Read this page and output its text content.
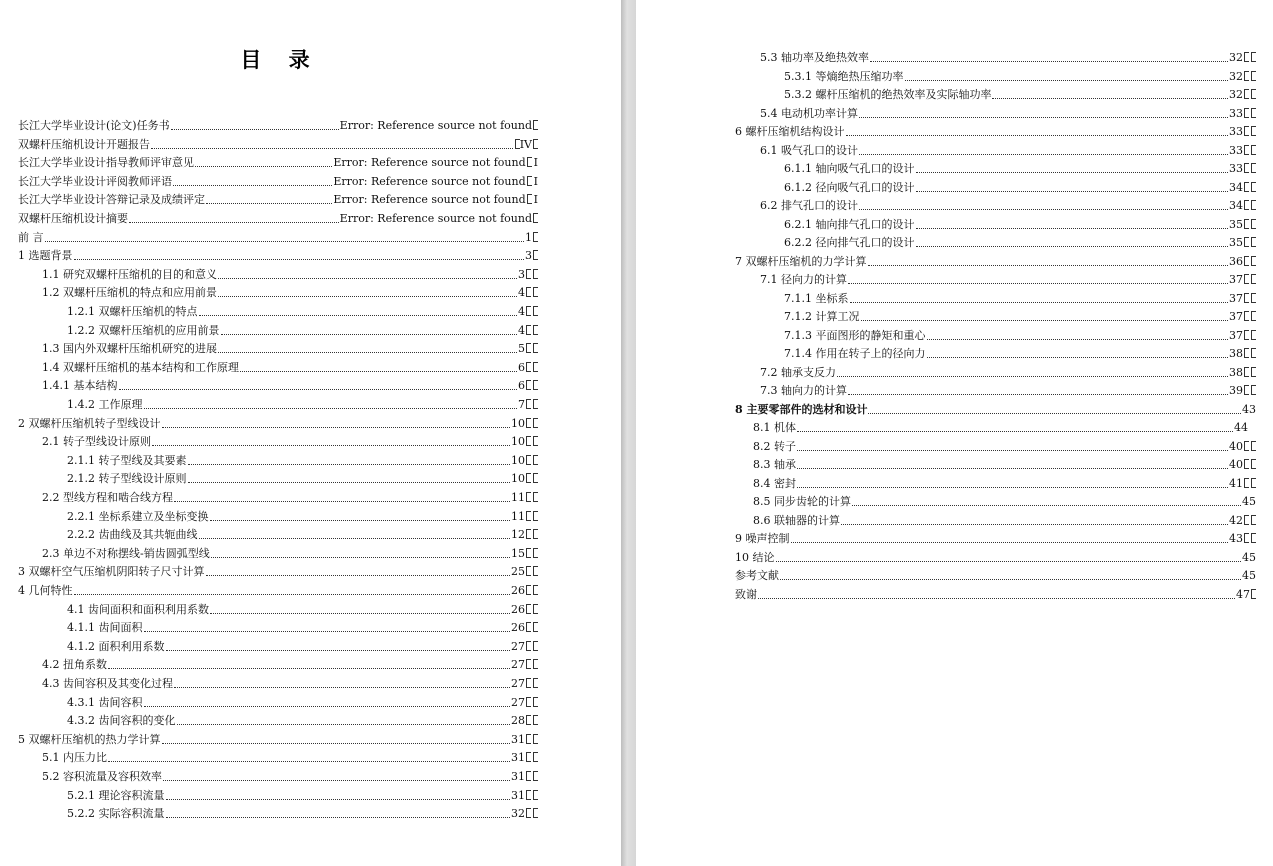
目 录
长江大学毕业设计(论文)任务书	Error: Reference source not found
双螺杆压缩机设计开题报告	IV
长江大学毕业设计指导教师评审意见	Error: Reference source not found I
长江大学毕业设计评阅教师评语	Error: Reference source not found I
长江大学毕业设计答辩记录及成绩评定	Error: Reference source not found I
双螺杆压缩机设计摘要	Error: Reference source not found
前 言	1
1 选题背景	3
1.1 研究双螺杆压缩机的目的和意义	3
1.2 双螺杆压缩机的特点和应用前景	4
1.2.1 双螺杆压缩机的特点	4
1.2.2 双螺杆压缩机的应用前景	4
1.3 国内外双螺杆压缩机研究的进展	5
1.4 双螺杆压缩机的基本结构和工作原理	6
1.4.1 基本结构	6
1.4.2 工作原理	7
2 双螺杆压缩机转子型线设计	10
2.1 转子型线设计原则	10
2.1.1 转子型线及其要素	10
2.1.2 转子型线设计原则	10
2.2 型线方程和啮合线方程	11
2.2.1 坐标系建立及坐标变换	11
2.2.2 齿曲线及其共轭曲线	12
2.3 单边不对称摆线-销齿圆弧型线	15
3 双螺杆空气压缩机阴阳转子尺寸计算	25
4 几何特性	26
4.1 齿间面积和面积利用系数	26
4.1.1 齿间面积	26
4.1.2 面积利用系数	27
4.2 扭角系数	27
4.3 齿间容积及其变化过程	27
4.3.1 齿间容积	27
4.3.2 齿间容积的变化	28
5 双螺杆压缩机的热力学计算	31
5.1 内压力比	31
5.2 容积流量及容积效率	31
5.2.1 理论容积流量	31
5.2.2 实际容积流量	32
5.3 轴功率及绝热效率	32
5.3.1 等熵绝热压缩功率	32
5.3.2 螺杆压缩机的绝热效率及实际轴功率	32
5.4 电动机功率计算	33
6 螺杆压缩机结构设计	33
6.1 吸气孔口的设计	33
6.1.1 轴向吸气孔口的设计	33
6.1.2 径向吸气孔口的设计	34
6.2 排气孔口的设计	34
6.2.1 轴向排气孔口的设计	35
6.2.2 径向排气孔口的设计	35
7 双螺杆压缩机的力学计算	36
7.1 径向力的计算	37
7.1.1 坐标系	37
7.1.2 计算工况	37
7.1.3 平面图形的静矩和重心	37
7.1.4 作用在转子上的径向力	38
7.2 轴承支反力	38
7.3 轴向力的计算	39
8 主要零部件的选材和设计	43
8.1 机体	44
8.2 转子	40
8.3 轴承	40
8.4 密封	41
8.5 同步齿轮的计算	45
8.6 联轴器的计算	42
9 噪声控制	43
10 结论	45
参考文献	45
致谢	47
